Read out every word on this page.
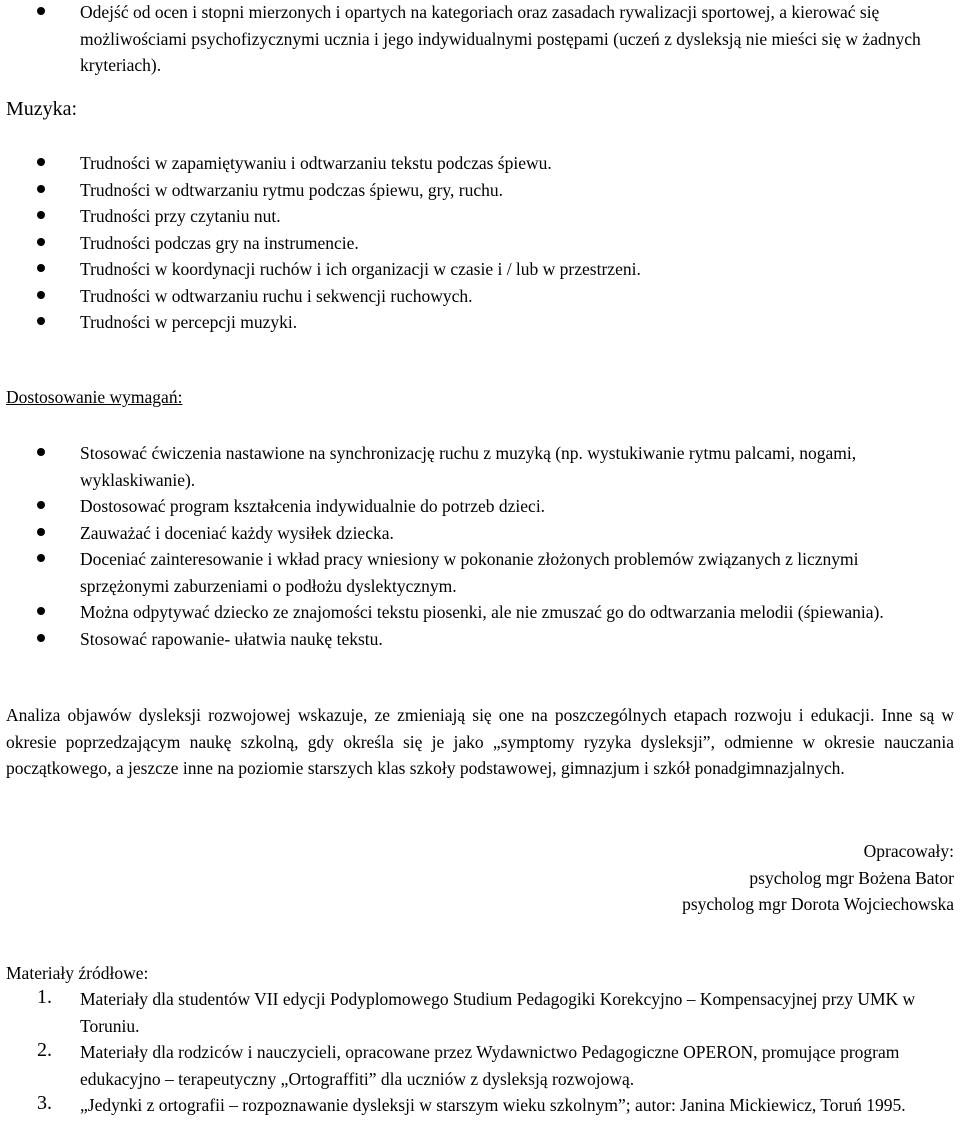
Odejść od ocen i stopni mierzonych i opartych na kategoriach oraz zasadach rywalizacji sportowej, a kierować się możliwościami psychofizycznymi ucznia i jego indywidualnymi postępami (uczeń z dysleksją nie mieści się w żadnych kryteriach).
Muzyka:
Trudności w zapamiętywaniu i odtwarzaniu tekstu podczas śpiewu.
Trudności w odtwarzaniu rytmu podczas śpiewu, gry, ruchu.
Trudności przy czytaniu nut.
Trudności podczas gry na instrumencie.
Trudności w koordynacji ruchów i ich organizacji w czasie i / lub w przestrzeni.
Trudności w odtwarzaniu ruchu i sekwencji ruchowych.
Trudności w percepcji muzyki.
Dostosowanie wymagań:
Stosować ćwiczenia nastawione na synchronizację ruchu z muzyką (np. wystukiwanie rytmu palcami, nogami, wyklaskiwanie).
Dostosować program kształcenia indywidualnie do potrzeb dzieci.
Zauważać i doceniać każdy wysiłek dziecka.
Doceniać zainteresowanie i wkład pracy wniesiony w pokonanie złożonych problemów związanych z licznymi sprzężonymi zaburzeniami o podłożu dyslektycznym.
Można odpytywać dziecko ze znajomości tekstu piosenki, ale nie zmuszać go do odtwarzania melodii (śpiewania).
Stosować rapowanie- ułatwia naukę tekstu.

Analiza objawów dysleksji rozwojowej wskazuje, ze zmieniają się one na poszczególnych etapach rozwoju i edukacji. Inne są w okresie poprzedzającym naukę szkolną, gdy określa się je jako „symptomy ryzyka dysleksji”, odmienne w okresie nauczania początkowego, a jeszcze inne na poziomie starszych klas szkoły podstawowej, gimnazjum i szkół ponadgimnazjalnych.

Opracowały:
psycholog mgr Bożena Bator
psycholog mgr Dorota Wojciechowska
Materiały źródłowe:
1. Materiały dla studentów VII edycji Podyplomowego Studium Pedagogiki Korekcyjno – Kompensacyjnej przy UMK w Toruniu.
2. Materiały dla rodziców i nauczycieli, opracowane przez Wydawnictwo Pedagogiczne OPERON, promujące program edukacyjno – terapeutyczny „Ortograffiti” dla uczniów z dysleksją rozwojową.
3. „Jedynki z ortografii – rozpoznawanie dysleksji w starszym wieku szkolnym”; autor: Janina Mickiewicz, Toruń 1995.
